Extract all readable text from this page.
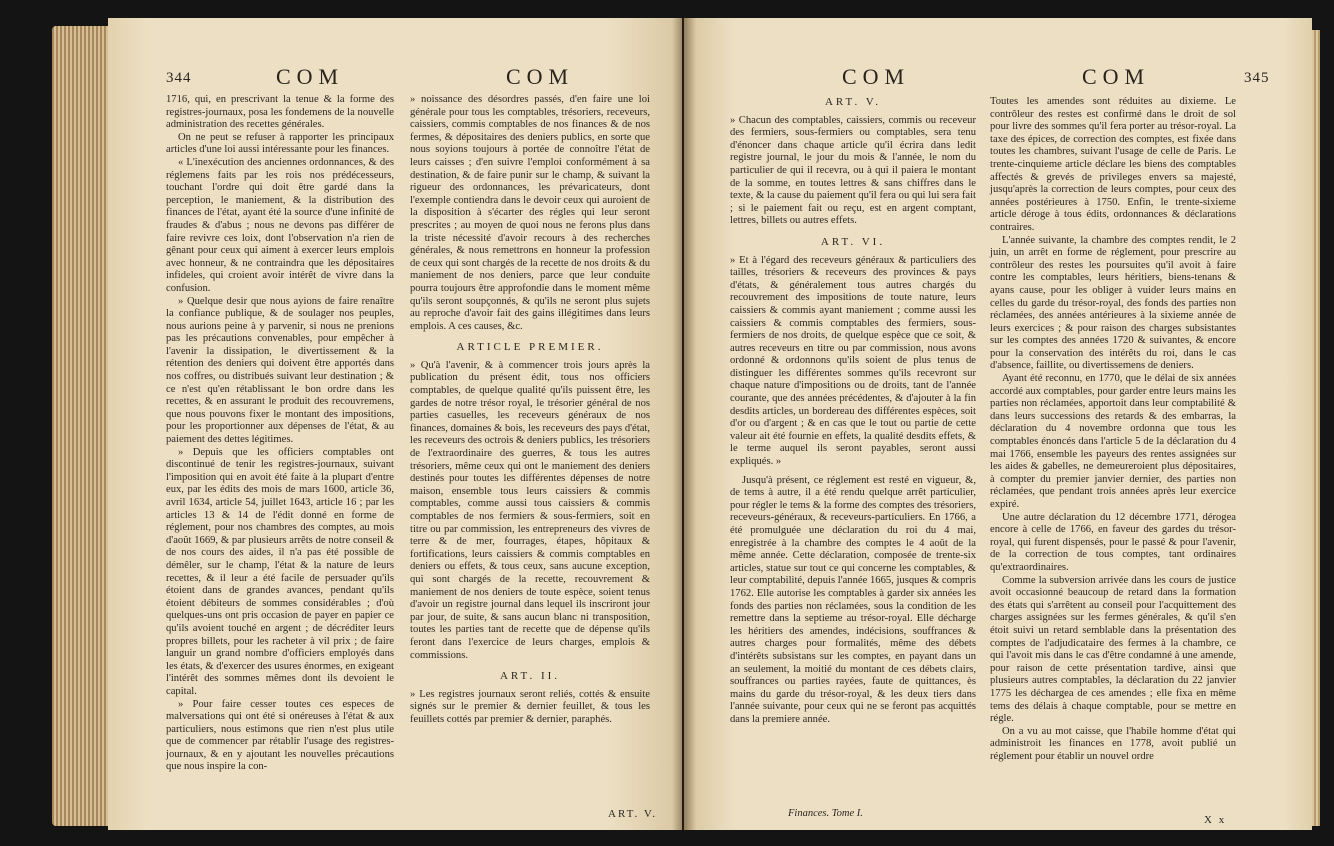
344	COM	COM

1716, qui, en prescrivant la tenue & la forme des registres-journaux, posa les fondemens de la nouvelle administration des recettes générales.

On ne peut se refuser à rapporter les principaux articles d'une loi aussi intéressante pour les finances.

« L'inexécution des anciennes ordonnances, & des réglemens faits par les rois nos prédécesseurs, touchant l'ordre qui doit être gardé dans la perception, le maniement, & la distribution des finances de l'état, ayant été la source d'une infinité de fraudes & d'abus ; nous ne devons pas différer de faire revivre ces loix, dont l'observation n'a rien de gênant pour ceux qui aiment à exercer leurs emplois avec honneur, & ne contraindra que les dépositaires infideles, qui croient avoir intérêt de vivre dans la confusion.

» Quelque desir que nous ayions de faire renaître la confiance publique, & de soulager nos peuples, nous aurions peine à y parvenir, si nous ne prenions pas les précautions convenables, pour empêcher à l'avenir la dissipation, le divertissement & la rétention des deniers qui doivent être apportés dans nos coffres, ou distribués suivant leur destination ; & ce n'est qu'en rétablissant le bon ordre dans les recettes, & en assurant le produit des recouvremens, que nous pouvons fixer le montant des impositions, pour les proportionner aux dépenses de l'état, & au paiement des dettes légitimes.

» Depuis que les officiers comptables ont discontinué de tenir les registres-journaux, suivant l'imposition qui en avoit été faite à la plupart d'entre eux, par les édits des mois de mars 1600, article 36, avril 1634, article 54, juillet 1643, article 16 ; par les articles 13 & 14 de l'édit donné en forme de réglement, pour nos chambres des comptes, au mois d'août 1669, & par plusieurs arrêts de notre conseil & de nos cours des aides, il n'a pas été possible de démêler, sur le champ, l'état & la nature de leurs recettes, & il leur a été facile de persuader qu'ils étoient dans de grandes avances, pendant qu'ils étoient débiteurs de sommes considérables ; d'où quelques-uns ont pris occasion de payer en papier ce qu'ils avoient touché en argent ; de décréditer leurs propres billets, pour les racheter à vil prix ; de faire languir un grand nombre d'officiers employés dans les états, & d'exercer des usures énormes, en exigeant l'intérêt des sommes mêmes dont ils devoient le capital.

» Pour faire cesser toutes ces especes de malversations qui ont été si onéreuses à l'état & aux particuliers, nous estimons que rien n'est plus utile que de commencer par rétablir l'usage des registres-journaux, & en y ajoutant les nouvelles précautions que nous inspire la con-

» noissance des désordres passés, d'en faire une loi générale pour tous les comptables, trésoriers, receveurs, caissiers, commis comptables de nos finances & de nos fermes, & dépositaires des deniers publics, en sorte que nous soyions toujours à portée de connoître l'état de leurs caisses ; d'en suivre l'emploi conformément à sa destination, & de faire punir sur le champ, & suivant la rigueur des ordonnances, les prévaricateurs, dont l'exemple contiendra dans le devoir ceux qui auroient de la disposition à s'écarter des régles qui leur seront prescrites ; au moyen de quoi nous ne ferons plus dans la triste nécessité d'avoir recours à des recherches générales, & nous remettrons en honneur la profession de ceux qui sont chargés de la recette de nos droits & du maniement de nos deniers, parce que leur conduite pourra toujours être approfondie dans le moment même qu'ils seront soupçonnés, & qu'ils ne seront plus sujets au reproche d'avoir fait des gains illégitimes dans leurs emplois. A ces causes, &c.

ARTICLE PREMIER.

» Qu'à l'avenir, & à commencer trois jours après la publication du présent édit, tous nos officiers comptables, de quelque qualité qu'ils puissent être, les gardes de notre trésor royal, le trésorier général de nos parties casuelles, les receveurs généraux de nos finances, domaines & bois, les receveurs des pays d'état, les receveurs des octrois & deniers publics, les trésoriers de l'extraordinaire des guerres, & tous les autres trésoriers, même ceux qui ont le maniement des deniers destinés pour toutes les différentes dépenses de notre maison, ensemble tous leurs caissiers & commis comptables, comme aussi tous caissiers & commis comptables de nos fermiers & sous-fermiers, soit en titre ou par commission, les entrepreneurs des vivres de terre & de mer, fourrages, étapes, hôpitaux & fortifications, leurs caissiers & commis comptables en deniers ou effets, & tous ceux, sans aucune exception, qui sont chargés de la recette, recouvrement & maniement de nos deniers de toute espèce, soient tenus d'avoir un registre journal dans lequel ils inscriront jour par jour, de suite, & sans aucun blanc ni transposition, toutes les parties tant de recette que de dépense qu'ils feront dans l'exercice de leurs charges, emplois & commissions.

ART. II.

» Les registres journaux seront reliés, cottés & ensuite signés sur le premier & dernier feuillet, & tous les feuillets cottés par premier & dernier, paraphés.

ART. V.
COM	COM	345
ART. V.

» Chacun des comptables, caissiers, commis ou receveur des fermiers, sous-fermiers ou comptables, sera tenu d'énoncer dans chaque article qu'il écrira dans ledit registre journal, le jour du mois & l'année, le nom du particulier de qui il recevra, ou à qui il paiera le montant de la somme, en toutes lettres & sans chiffres dans le texte, & la cause du paiement qu'il fera ou qui lui sera fait ; si le paiement fait ou reçu, est en argent comptant, lettres, billets ou autres effets.

ART. VI.

» Et à l'égard des receveurs généraux & particuliers des tailles, trésoriers & receveurs des provinces & pays d'états, & généralement tous autres chargés du recouvrement des impositions de toute nature, leurs caissiers & commis ayant maniement ; comme aussi les caissiers & commis comptables des fermiers, sous-fermiers de nos droits, de quelque espèce que ce soit, & autres receveurs en titre ou par commission, nous avons ordonné & ordonnons qu'ils soient de plus tenus de distinguer les différentes sommes qu'ils recevront sur chaque nature d'impositions ou de droits, tant de l'année courante, que des années précédentes, & d'ajouter à la fin desdits articles, un bordereau des différentes espèces, soit d'or ou d'argent ; & en cas que le tout ou partie de cette valeur ait été fournie en effets, la qualité desdits effets, & le terme auquel ils seront payables, seront aussi expliqués. »

Jusqu'à présent, ce réglement est resté en vigueur, &, de tems à autre, il a été rendu quelque arrêt particulier, pour régler le tems & la forme des comptes des trésoriers, receveurs-généraux, & receveurs-particuliers. En 1766, a été promulguée une déclaration du roi du 4 mai, enregistrée à la chambre des comptes le 4 août de la même année. Cette déclaration, composée de trente-six articles, statue sur tout ce qui concerne les comptables, & leur comptabilité, depuis l'année 1665, jusques & compris 1762. Elle autorise les comptables à garder six années les fonds des parties non réclamées, sous la condition de les remettre dans la septieme au trésor-royal. Elle décharge les héritiers des amendes, indécisions, souffrances & autres charges pour formalités, même des débets d'intérêts subsistans sur les comptes, en payant dans un an seulement, la moitié du montant de ces débets clairs, souffrances ou parties rayées, faute de quittances, ès mains du garde du trésor-royal, & les deux tiers dans l'année suivante, pour ceux qui ne se feront pas acquittés dans la premiere année.

Finances. Tome I.

Toutes les amendes sont réduites au dixieme. Le contrôleur des restes est confirmé dans le droit de sol pour livre des sommes qu'il fera porter au trésor-royal. La taxe des épices, de correction des comptes, est fixée dans toutes les chambres, suivant l'usage de celle de Paris. Le trente-cinquieme article déclare les biens des comptables affectés & grevés de privileges envers sa majesté, jusqu'après la correction de leurs comptes, pour ceux des années postérieures à 1750. Enfin, le trente-sixieme article déroge à tous édits, ordonnances & déclarations contraires.

L'année suivante, la chambre des comptes rendit, le 2 juin, un arrêt en forme de réglement, pour prescrire au contrôleur des restes les poursuites qu'il avoit à faire contre les comptables, leurs héritiers, biens-tenans & ayans cause, pour les obliger à vuider leurs mains en celles du garde du trésor-royal, des fonds des parties non réclamées, des années antérieures à la sixieme année de leurs exercices ; & pour raison des charges subsistantes sur les comptes des années 1720 & suivantes, & encore pour la conservation des intérêts du roi, dans le cas d'absence, faillite, ou divertissemens de deniers.

Ayant été reconnu, en 1770, que le délai de six années accordé aux comptables, pour garder entre leurs mains les parties non réclamées, apportoit dans leur comptabilité & dans leurs successions des retards & des embarras, la déclaration du 4 novembre ordonna que tous les comptables énoncés dans l'article 5 de la déclaration du 4 mai 1766, ensemble les payeurs des rentes assignées sur les aides & gabelles, ne demeureroient plus dépositaires, à compter du premier janvier dernier, des parties non réclamées, que pendant trois années après leur exercice expiré.

Une autre déclaration du 12 décembre 1771, dérogea encore à celle de 1766, en faveur des gardes du trésor-royal, qui furent dispensés, pour le passé & pour l'avenir, de la correction de tous comptes, tant ordinaires qu'extraordinaires.

Comme la subversion arrivée dans les cours de justice avoit occasionné beaucoup de retard dans la formation des états qui s'arrêtent au conseil pour l'acquittement des charges assignées sur les fermes générales, & qu'il s'en étoit suivi un retard semblable dans la présentation des comptes de l'adjudicataire des fermes à la chambre, ce qui l'avoit mis dans le cas d'être condamné à une amende, pour raison de cette présentation tardive, ainsi que plusieurs autres comptables, la déclaration du 22 janvier 1775 les déchargea de ces amendes ; elle fixa en même tems des délais à chaque comptable, pour se mettre en régle.

On a vu au mot caisse, que l'habile homme d'état qui administroit les finances en 1778, avoit publié un réglement pour établir un nouvel ordre

X x
